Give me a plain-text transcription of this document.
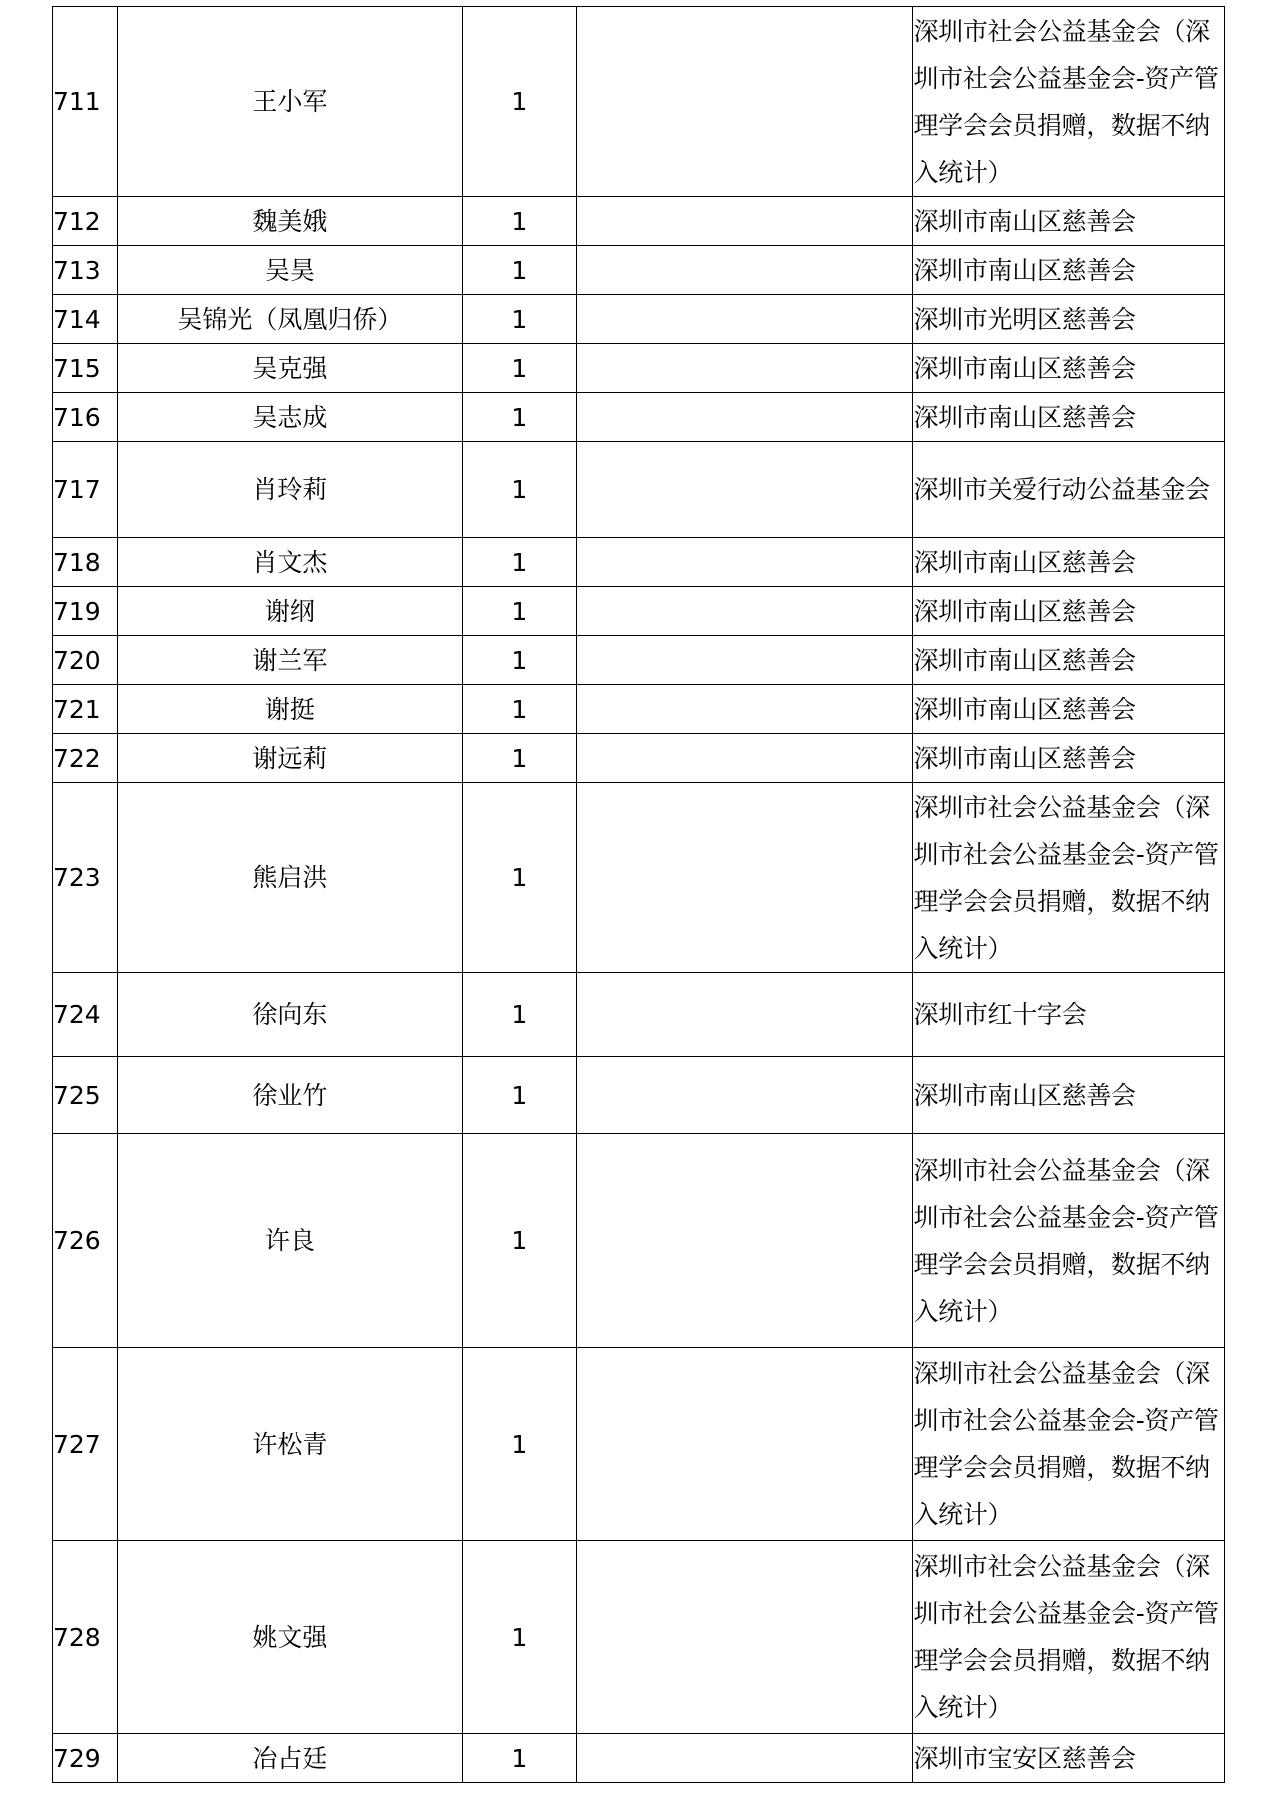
711	王小军	1		深圳市社会公益基金会（深圳市社会公益基金会-资产管理学会会员捐赠，数据不纳入统计）
712	魏美娥	1		深圳市南山区慈善会
713	吴昊	1		深圳市南山区慈善会
714	吴锦光（凤凰归侨）	1		深圳市光明区慈善会
715	吴克强	1		深圳市南山区慈善会
716	吴志成	1		深圳市南山区慈善会
717	肖玲莉	1		深圳市关爱行动公益基金会
718	肖文杰	1		深圳市南山区慈善会
719	谢纲	1		深圳市南山区慈善会
720	谢兰军	1		深圳市南山区慈善会
721	谢挺	1		深圳市南山区慈善会
722	谢远莉	1		深圳市南山区慈善会
723	熊启洪	1		深圳市社会公益基金会（深圳市社会公益基金会-资产管理学会会员捐赠，数据不纳入统计）
724	徐向东	1		深圳市红十字会
725	徐业竹	1		深圳市南山区慈善会
726	许良	1		深圳市社会公益基金会（深圳市社会公益基金会-资产管理学会会员捐赠，数据不纳入统计）
727	许松青	1		深圳市社会公益基金会（深圳市社会公益基金会-资产管理学会会员捐赠，数据不纳入统计）
728	姚文强	1		深圳市社会公益基金会（深圳市社会公益基金会-资产管理学会会员捐赠，数据不纳入统计）
729	冶占廷	1		深圳市宝安区慈善会
